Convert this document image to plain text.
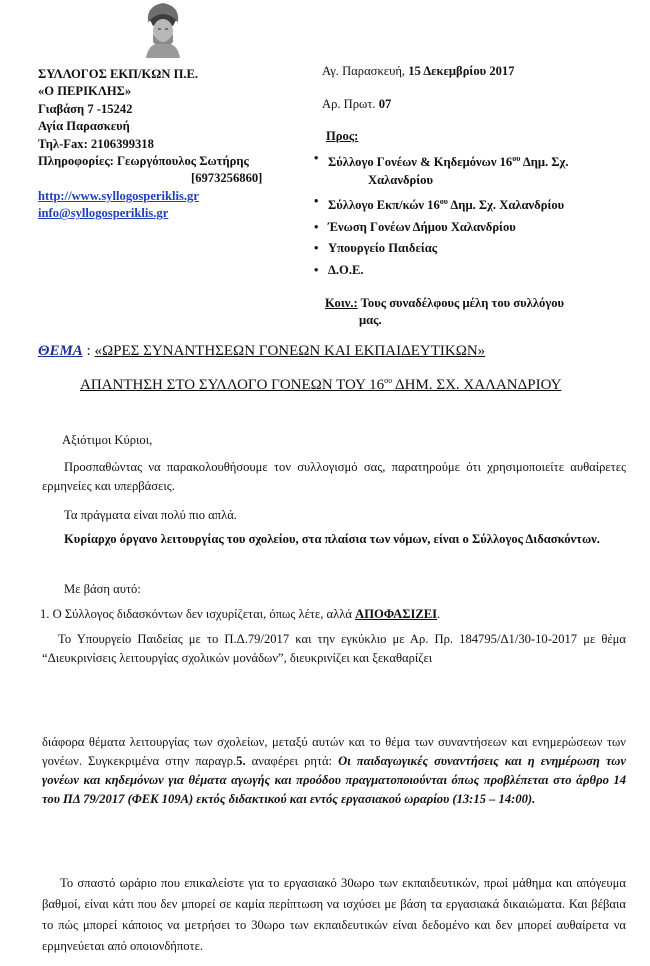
ΣΥΛΛΟΓΟΣ ΕΚΠ/ΚΩΝ Π.Ε.
«Ο ΠΕΡΙΚΛΗΣ»
Γιαβάση 7 -15242
Αγία Παρασκευή
Τηλ-Fax: 2106399318
Πληροφορίες: Γεωργόπουλος Σωτήρης
[6973256860]
http://www.syllogosperiklis.gr
info@syllogosperiklis.gr
Αγ. Παρασκευή, 15 Δεκεμβρίου 2017
Αρ. Πρωτ. 07
Προς:
• Σύλλογο Γονέων & Κηδεμόνων $16^{o\upsilon}$ Δημ. Σχ.
Χαλανδρίου
• Σύλλογο Εκπ/κών $16^{o\upsilon}$ Δημ. Σχ. Χαλανδρίου
• Ένωση Γονέων Δήμου Χαλανδρίου
• Υπουργείο Παιδείας
• Δ.Ο.Ε.
Κοιν.: Τους συναδέλφους μέλη του συλλόγου
μας.
ΘΕΜΑ : «ΩΡΕΣ ΣΥΝΑΝΤΗΣΕΩΝ ΓΟΝΕΩΝ ΚΑΙ ΕΚΠΑΙΔΕΥΤΙΚΩΝ»
ΑΠΑΝΤΗΣΗ ΣΤΟ ΣΥΛΛΟΓΟ ΓΟΝΕΩΝ ΤΟΥ $16^{o\upsilon}$ ΔΗΜ. ΣΧ. ΧΑΛΑΝΔΡΙΟΥ
Αξιότιμοι Κύριοι,
Προσπαθώντας να παρακολουθήσουμε τον συλλογισμό σας, παρατηρούμε ότι χρησιμοποιείτε αυθαίρετες ερμηνείες και υπερβάσεις.
Τα πράγματα είναι πολύ πιο απλά.
Κυρίαρχο όργανο λειτουργίας του σχολείου, στα πλαίσια των νόμων, είναι ο Σύλλογος Διδασκόντων.
Με βάση αυτό:
1. Ο Σύλλογος διδασκόντων δεν ισχυρίζεται, όπως λέτε, αλλά ΑΠΟΦΑΣΙΖΕΙ.
Το Υπουργείο Παιδείας με το Π.Δ.79/2017 και την εγκύκλιο με Αρ. Πρ. 184795/Δ1/30-10-2017 με θέμα “Διευκρινίσεις λειτουργίας σχολικών μονάδων”, διευκρινίζει και ξεκαθαρίζει
διάφορα θέματα λειτουργίας των σχολείων, μεταξύ αυτών και το θέμα των συναντήσεων και ενημερώσεων των γονέων. Συγκεκριμένα στην παραγρ.5. αναφέρει ρητά: Οι παιδαγωγικές συναντήσεις και η ενημέρωση των γονέων και κηδεμόνων για θέματα αγωγής και προόδου πραγματοποιούνται όπως προβλέπεται στο άρθρο 14 του ΠΔ 79/2017 (ΦΕΚ 109Α) εκτός διδακτικού και εντός εργασιακού ωραρίου (13:15 – 14:00).
Το σπαστό ωράριο που επικαλείστε για το εργασιακό 30ωρο των εκπαιδευτικών, πρωί μάθημα και απόγευμα βαθμοί, είναι κάτι που δεν μπορεί σε καμία περίπτωση να ισχύσει με βάση τα εργασιακά δικαιώματα. Και βέβαια το πώς μπορεί κάποιος να μετρήσει το 30ωρο των εκπαιδευτικών είναι δεδομένο και δεν μπορεί αυθαίρετα να ερμηνεύεται από οποιονδήποτε.
